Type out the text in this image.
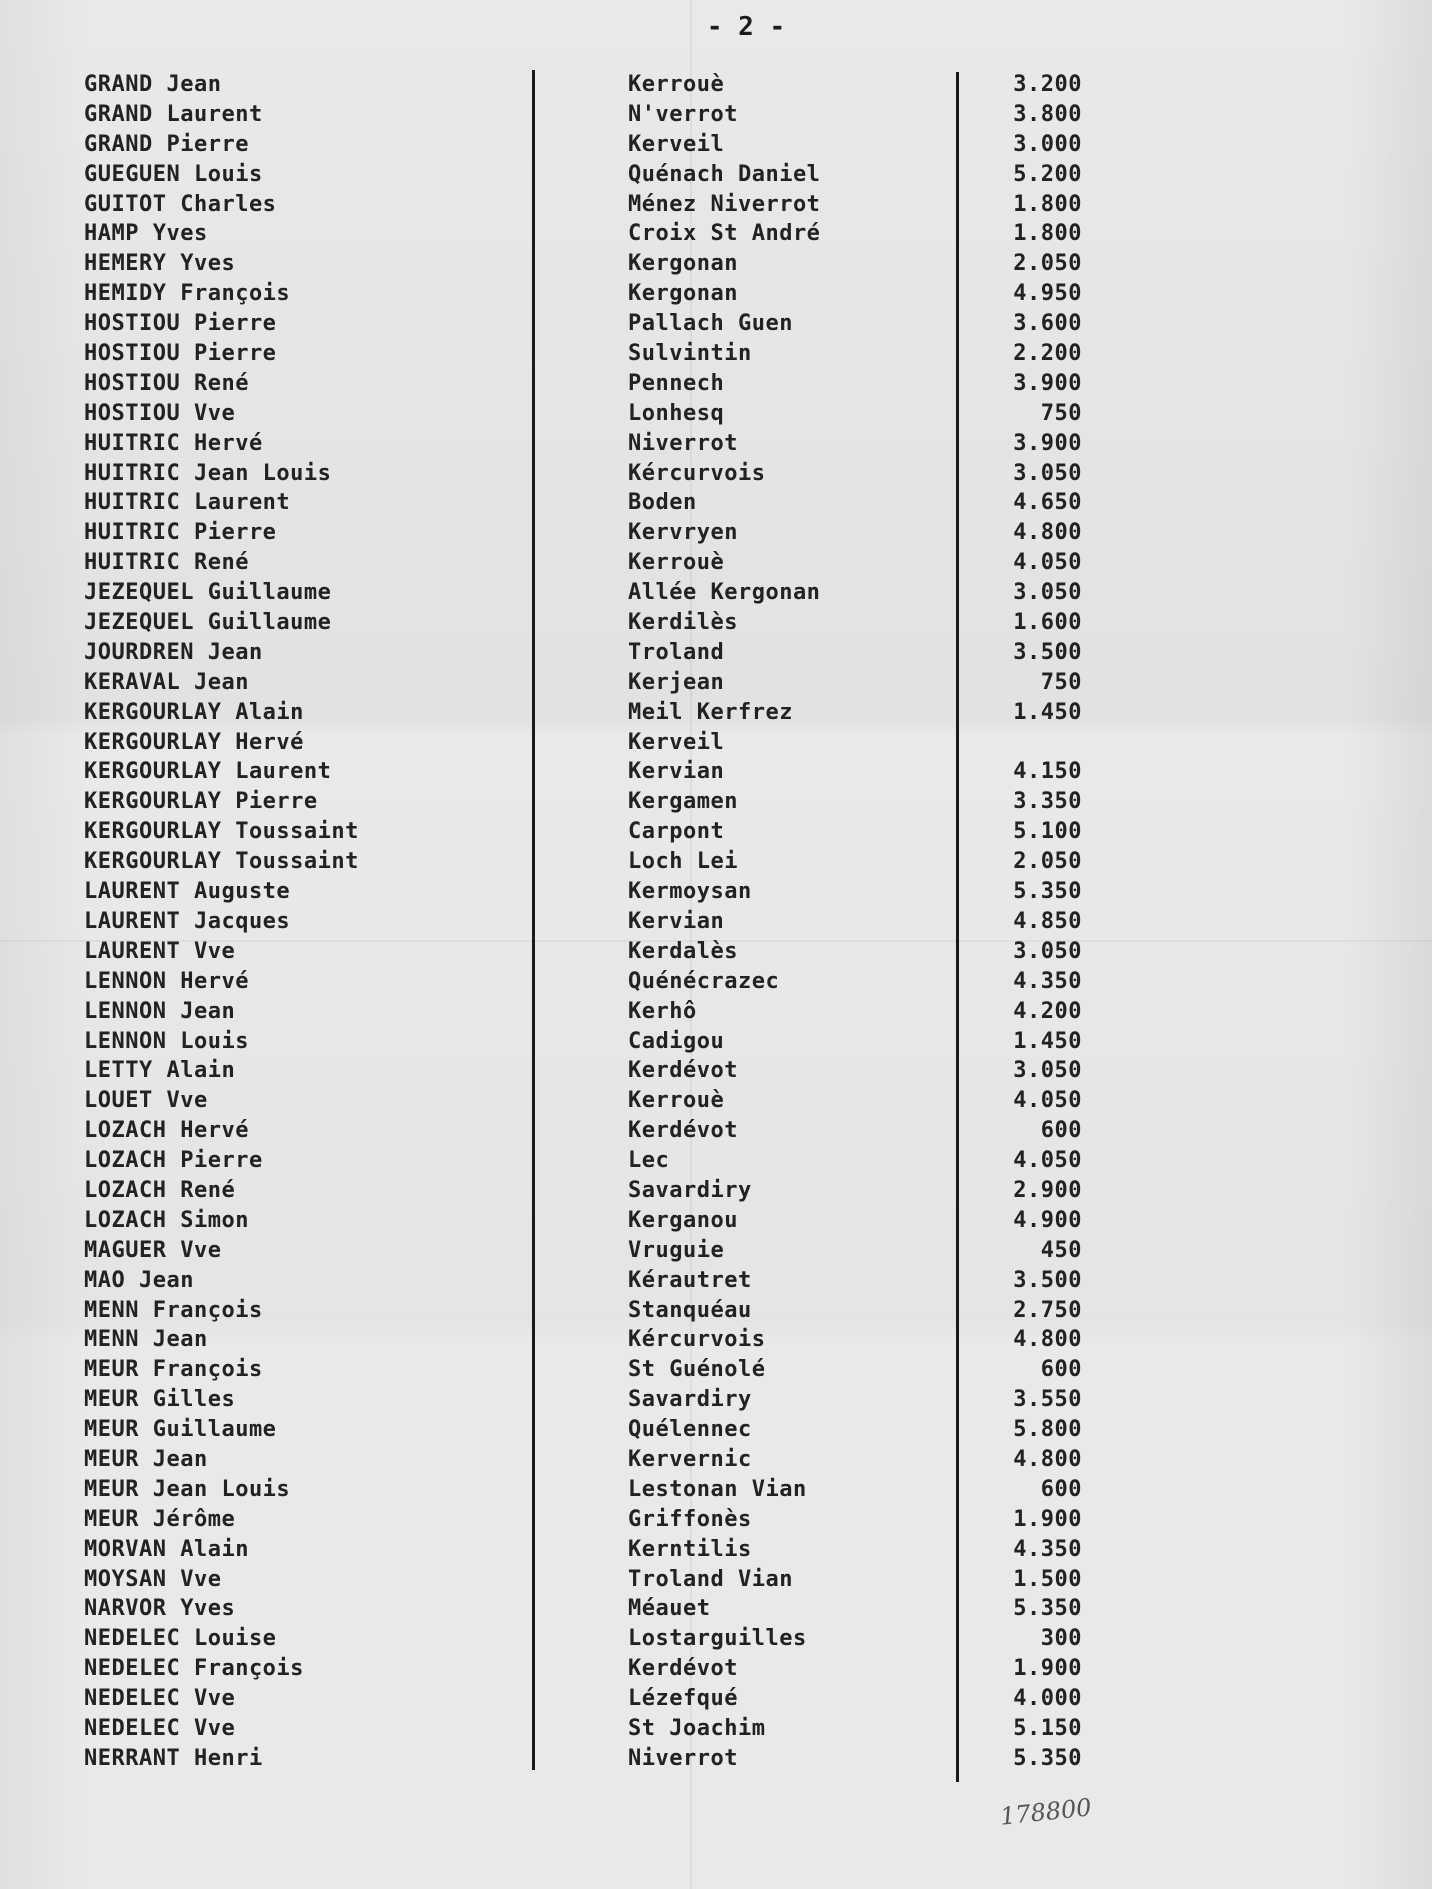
- 2 -
GRAND Jean	Kerrouè	3.200
GRAND Laurent	N'verrot	3.800
GRAND Pierre	Kerveil	3.000
GUEGUEN Louis	Quénach Daniel	5.200
GUITOT Charles	Ménez Niverrot	1.800
HAMP Yves	Croix St André	1.800
HEMERY Yves	Kergonan	2.050
HEMIDY François	Kergonan	4.950
HOSTIOU Pierre	Pallach Guen	3.600
HOSTIOU Pierre	Sulvintin	2.200
HOSTIOU René	Pennech	3.900
HOSTIOU Vve	Lonhesq	750
HUITRIC Hervé	Niverrot	3.900
HUITRIC Jean Louis	Kércurvois	3.050
HUITRIC Laurent	Boden	4.650
HUITRIC Pierre	Kervryen	4.800
HUITRIC René	Kerrouè	4.050
JEZEQUEL Guillaume	Allée Kergonan	3.050
JEZEQUEL Guillaume	Kerdilès	1.600
JOURDREN Jean	Troland	3.500
KERAVAL Jean	Kerjean	750
KERGOURLAY Alain	Meil Kerfrez	1.450
KERGOURLAY Hervé	Kerveil
KERGOURLAY Laurent	Kervian	4.150
KERGOURLAY Pierre	Kergamen	3.350
KERGOURLAY Toussaint	Carpont	5.100
KERGOURLAY Toussaint	Loch Lei	2.050
LAURENT Auguste	Kermoysan	5.350
LAURENT Jacques	Kervian	4.850
LAURENT Vve	Kerdalès	3.050
LENNON Hervé	Quénécrazec	4.350
LENNON Jean	Kerhô	4.200
LENNON Louis	Cadigou	1.450
LETTY Alain	Kerdévot	3.050
LOUET Vve	Kerrouè	4.050
LOZACH Hervé	Kerdévot	600
LOZACH Pierre	Lec	4.050
LOZACH René	Savardiry	2.900
LOZACH Simon	Kerganou	4.900
MAGUER Vve	Vruguie	450
MAO Jean	Kérautret	3.500
MENN François	Stanquéau	2.750
MENN Jean	Kércurvois	4.800
MEUR François	St Guénolé	600
MEUR Gilles	Savardiry	3.550
MEUR Guillaume	Quélennec	5.800
MEUR Jean	Kervernic	4.800
MEUR Jean Louis	Lestonan Vian	600
MEUR Jérôme	Griffonès	1.900
MORVAN Alain	Kerntilis	4.350
MOYSAN Vve	Troland Vian	1.500
NARVOR Yves	Méauet	5.350
NEDELEC Louise	Lostarguilles	300
NEDELEC François	Kerdévot	1.900
NEDELEC Vve	Lézefqué	4.000
NEDELEC Vve	St Joachim	5.150
NERRANT Henri	Niverrot	5.350
178800
